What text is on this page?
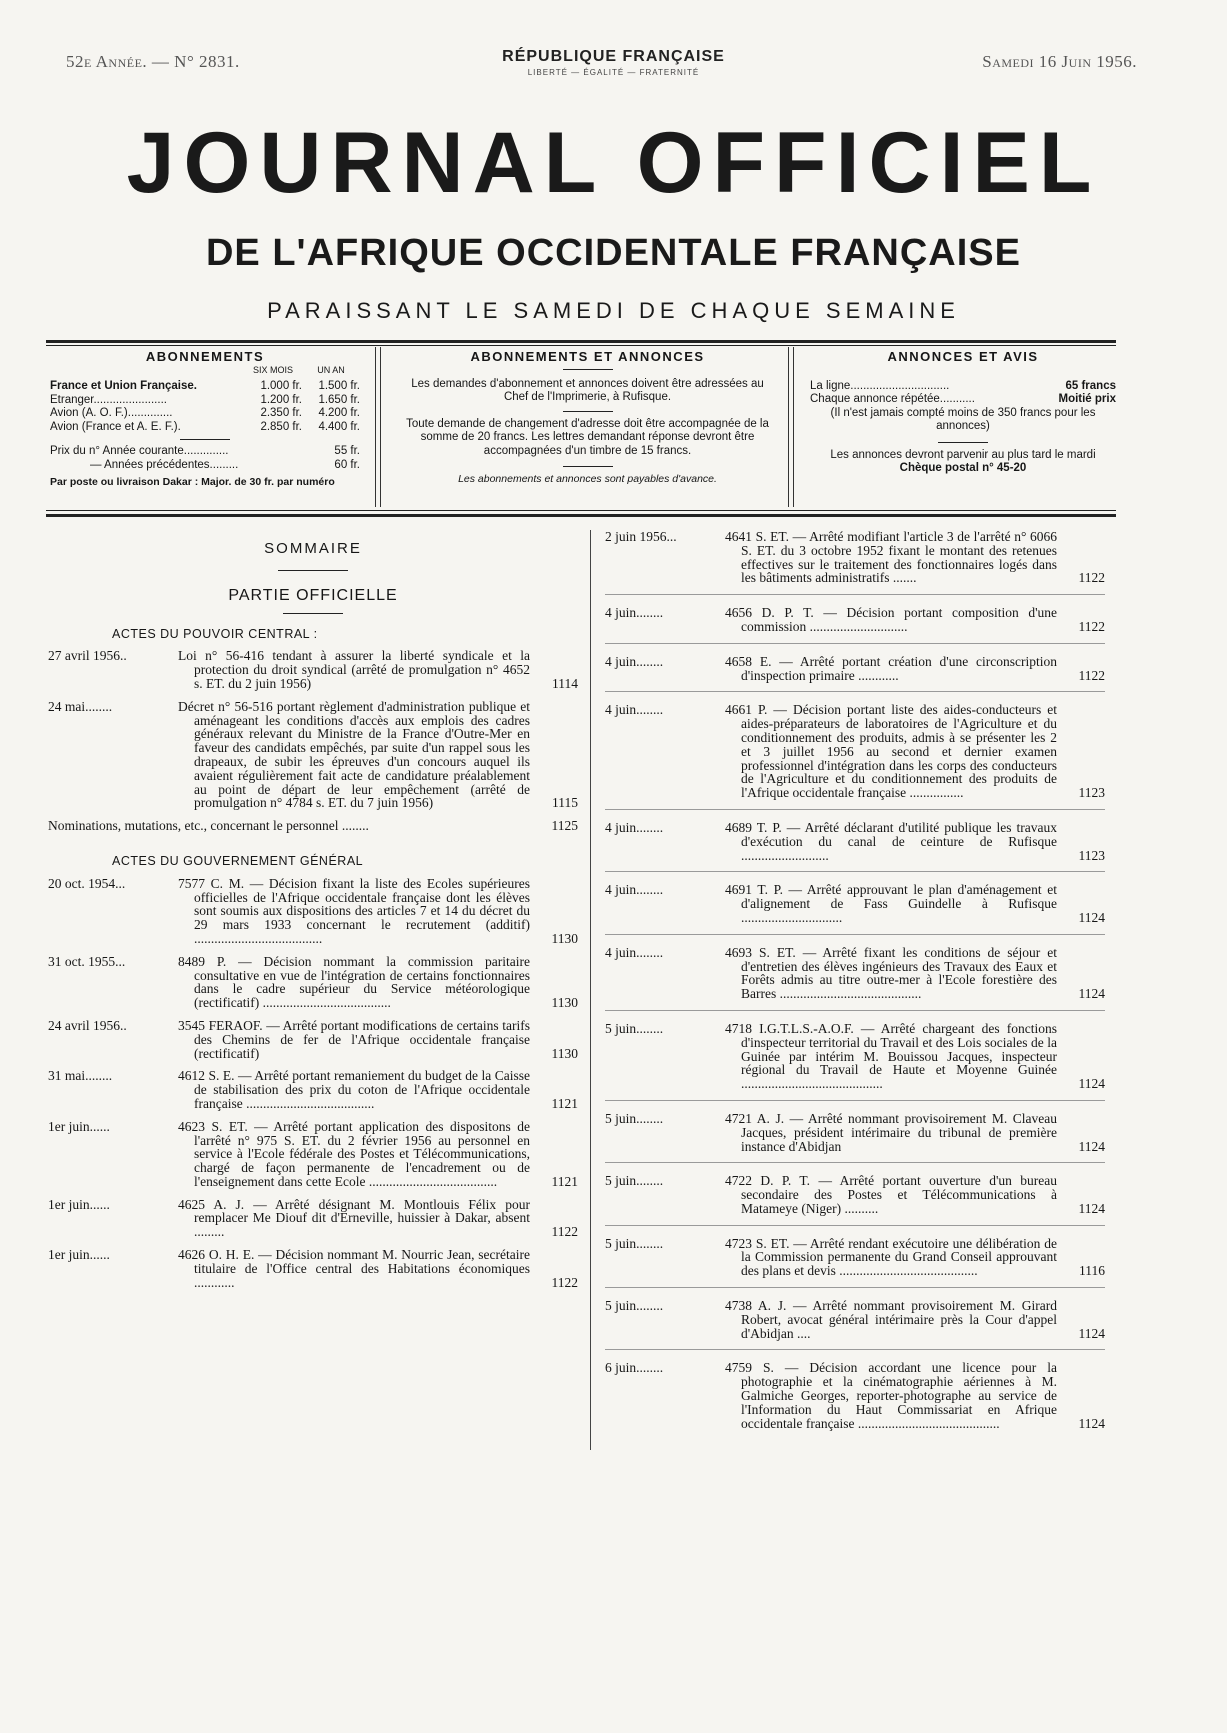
52e Année. — N° 2831.	RÉPUBLIQUE FRANÇAISE
LIBERTÉ — ÉGALITÉ — FRATERNITÉ
Samedi 16 Juin 1956.
JOURNAL OFFICIEL
DE L'AFRIQUE OCCIDENTALE FRANÇAISE
PARAISSANT LE SAMEDI DE CHAQUE SEMAINE
ABONNEMENTS
SIX MOIS	UN AN
France et Union Française.	1.000 fr.	1.500 fr.
Étranger.......................	1.200 fr.	1.650 fr.
Avion (A. O. F.)..............	2.350 fr.	4.200 fr.
Avion (France et A. E. F.).	2.850 fr.	4.400 fr.
Prix du n° Année courante..............	55 fr.
— Années précédentes.........	60 fr.
Par poste ou livraison Dakar : Major. de 30 fr. par numéro
ABONNEMENTS ET ANNONCES
Les demandes d'abonnement et annonces doivent être adressées au Chef de l'Imprimerie, à Rufisque.
Toute demande de changement d'adresse doit être accompagnée de la somme de 20 francs. Les lettres demandant réponse devront être accompagnées d'un timbre de 15 francs.
Les abonnements et annonces sont payables d'avance.
ANNONCES ET AVIS
La ligne...............................	65 francs
Chaque annonce répétée...........	Moitié prix
(Il n'est jamais compté moins de 350 francs pour les annonces)
Les annonces devront parvenir au plus tard le mardi
Chèque postal n° 45-20
SOMMAIRE
PARTIE OFFICIELLE
ACTES DU POUVOIR CENTRAL :
27 avril 1956..	Loi n° 56-416 tendant à assurer la liberté syndicale et la protection du droit syndical (arrêté de promulgation n° 4652 s. ET. du 2 juin 1956)	1114
24 mai........	Décret n° 56-516 portant règlement d'administration publique et aménageant les conditions d'accès aux emplois des cadres généraux relevant du Ministre de la France d'Outre-Mer en faveur des candidats empêchés, par suite d'un rappel sous les drapeaux, de subir les épreuves d'un concours auquel ils avaient régulièrement fait acte de candidature préalablement au point de départ de leur empêchement (arrêté de promulgation n° 4784 s. ET. du 7 juin 1956)	1115
Nominations, mutations, etc., concernant le personnel ........	1125
ACTES DU GOUVERNEMENT GÉNÉRAL
20 oct. 1954...	7577 C. M. — Décision fixant la liste des Ecoles supérieures officielles de l'Afrique occidentale française dont les élèves sont soumis aux dispositions des articles 7 et 14 du décret du 29 mars 1933 concernant le recrutement (additif) ......................................	1130
31 oct. 1955...	8489 P. — Décision nommant la commission paritaire consultative en vue de l'intégration de certains fonctionnaires dans le cadre supérieur du Service météorologique (rectificatif) ......................................	1130
24 avril 1956..	3545 FERAOF. — Arrêté portant modifications de certains tarifs des Chemins de fer de l'Afrique occidentale française (rectificatif)	1130
31 mai........	4612 S. E. — Arrêté portant remaniement du budget de la Caisse de stabilisation des prix du coton de l'Afrique occidentale française ......................................	1121
1er juin......	4623 S. ET. — Arrêté portant application des dispositons de l'arrêté n° 975 S. ET. du 2 février 1956 au personnel en service à l'Ecole fédérale des Postes et Télécommunications, chargé de façon permanente de l'encadrement ou de l'enseignement dans cette Ecole ......................................	1121
1er juin......	4625 A. J. — Arrêté désignant M. Montlouis Félix pour remplacer Me Diouf dit d'Erneville, huissier à Dakar, absent .........	1122
1er juin......	4626 O. H. E. — Décision nommant M. Nourric Jean, secrétaire titulaire de l'Office central des Habitations économiques ............	1122
2 juin 1956...	4641 S. ET. — Arrêté modifiant l'article 3 de l'arrêté n° 6066 S. ET. du 3 octobre 1952 fixant le montant des retenues effectives sur le traitement des fonctionnaires logés dans les bâtiments administratifs .......	1122
4 juin........	4656 D. P. T. — Décision portant composition d'une commission .............................	1122
4 juin........	4658 E. — Arrêté portant création d'une circonscription d'inspection primaire ............	1122
4 juin........	4661 P. — Décision portant liste des aides-conducteurs et aides-préparateurs de laboratoires de l'Agriculture et du conditionnement des produits, admis à se présenter les 2 et 3 juillet 1956 au second et dernier examen professionnel d'intégration dans les corps des conducteurs de l'Agriculture et du conditionnement des produits de l'Afrique occidentale française ................	1123
4 juin........	4689 T. P. — Arrêté déclarant d'utilité publique les travaux d'exécution du canal de ceinture de Rufisque ..........................	1123
4 juin........	4691 T. P. — Arrêté approuvant le plan d'aménagement et d'alignement de Fass Guindelle à Rufisque ..............................	1124
4 juin........	4693 S. ET. — Arrêté fixant les conditions de séjour et d'entretien des élèves ingénieurs des Travaux des Eaux et Forêts admis au titre outre-mer à l'Ecole forestière des Barres ..........................................	1124
5 juin........	4718 I.G.T.L.S.-A.O.F. — Arrêté chargeant des fonctions d'inspecteur territorial du Travail et des Lois sociales de la Guinée par intérim M. Bouissou Jacques, inspecteur régional du Travail de Haute et Moyenne Guinée ..........................................	1124
5 juin........	4721 A. J. — Arrêté nommant provisoirement M. Claveau Jacques, président intérimaire du tribunal de première instance d'Abidjan	1124
5 juin........	4722 D. P. T. — Arrêté portant ouverture d'un bureau secondaire des Postes et Télécommunications à Matameye (Niger) ..........	1124
5 juin........	4723 S. ET. — Arrêté rendant exécutoire une délibération de la Commission permanente du Grand Conseil approuvant des plans et devis .........................................	1116
5 juin........	4738 A. J. — Arrêté nommant provisoirement M. Girard Robert, avocat général intérimaire près la Cour d'appel d'Abidjan ....	1124
6 juin........	4759 S. — Décision accordant une licence pour la photographie et la cinématographie aériennes à M. Galmiche Georges, reporter-photographe au service de l'Information du Haut Commissariat en Afrique occidentale française ..........................................	1124
